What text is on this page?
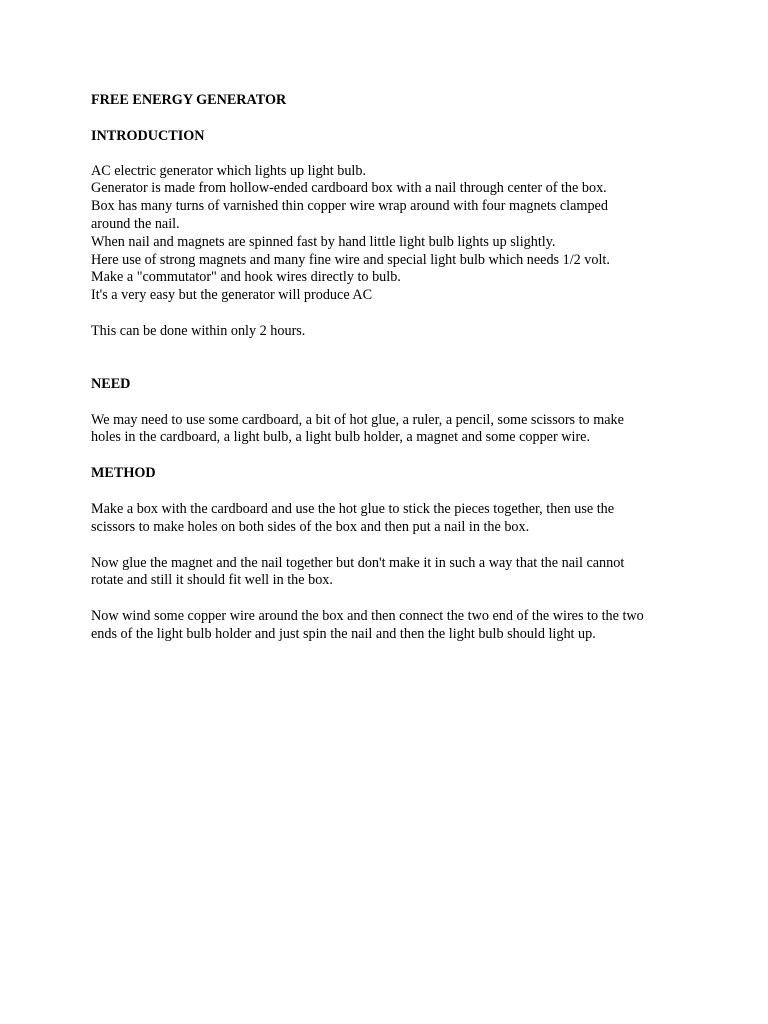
FREE ENERGY GENERATOR

INTRODUCTION

AC electric generator which lights up light bulb.
Generator is made from hollow-ended cardboard box with a nail through center of the box.
Box has many turns of varnished thin copper wire wrap around with four magnets clamped
around the nail.
When nail and magnets are spinned fast by hand little light bulb lights up slightly.
Here use of strong magnets and many fine wire and special light bulb which needs 1/2 volt.
Make a "commutator" and hook wires directly to bulb.
It's a very easy but the generator will produce AC

This can be done within only 2 hours.

NEED

We may need to use some cardboard, a bit of hot glue, a ruler, a pencil, some scissors to make
holes in the cardboard, a light bulb, a light bulb holder, a magnet and some copper wire.

METHOD

Make a box with the cardboard and use the hot glue to stick the pieces together, then use the
scissors to make holes on both sides of the box and then put a nail in the box.

Now glue the magnet and the nail together but don't make it in such a way that the nail cannot
rotate and still it should fit well in the box.

Now wind some copper wire around the box and then connect the two end of the wires to the two
ends of the light bulb holder and just spin the nail and then the light bulb should light up.
